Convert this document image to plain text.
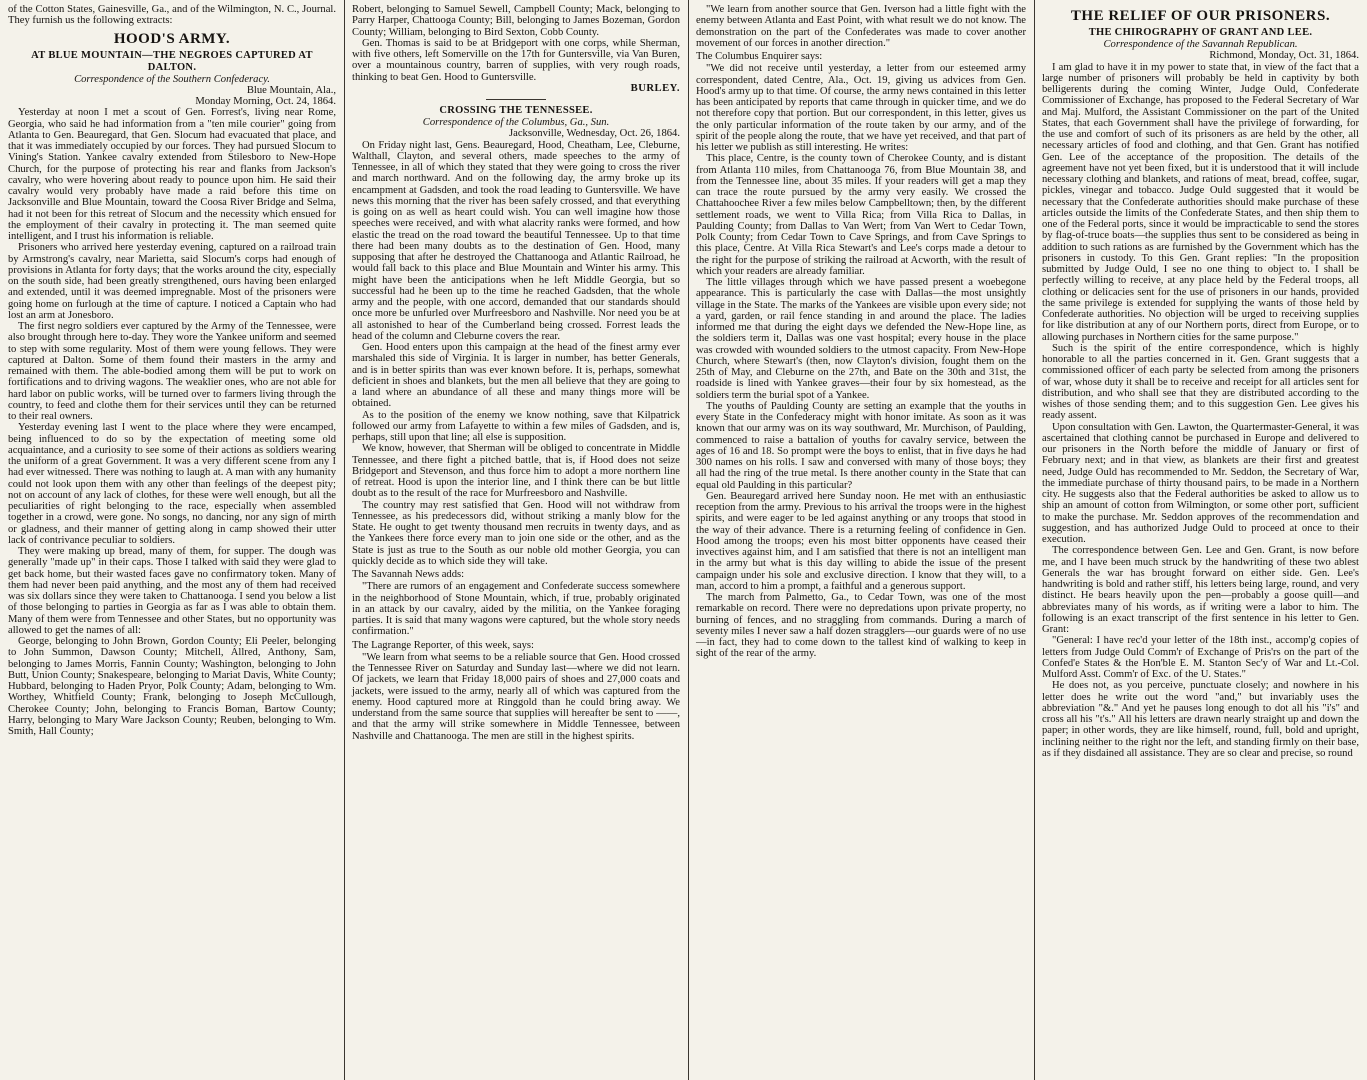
of the Cotton States, Gainesville, Ga., and of the Wilmington, N. C., Journal. They furnish us the following extracts:

HOOD'S ARMY.
AT BLUE MOUNTAIN—THE NEGROES CAPTURED AT DALTON.
Correspondence of the Southern Confederacy.
Blue Mountain, Ala.,
Monday Morning, Oct. 24, 1864.

Yesterday at noon I met a scout of Gen. Forrest's, living near Rome, Georgia, who said he had information from a "ten mile courier" going from Atlanta to Gen. Beauregard, that Gen. Slocum had evacuated that place, and that it was immediately occupied by our forces. They had pursued Slocum to Vining's Station. Yankee cavalry extended from Stilesboro to New-Hope Church, for the purpose of protecting his rear and flanks from Jackson's cavalry, who were hovering about ready to pounce upon him. He said their cavalry would very probably have made a raid before this time on Jacksonville and Blue Mountain, toward the Coosa River Bridge and Selma, had it not been for this retreat of Slocum and the necessity which ensued for the employment of their cavalry in protecting it. The man seemed quite intelligent, and I trust his information is reliable.

Prisoners who arrived here yesterday evening, captured on a railroad train by Armstrong's cavalry, near Marietta, said Slocum's corps had enough of provisions in Atlanta for forty days; that the works around the city, especially on the south side, had been greatly strengthened, ours having been enlarged and extended, until it was deemed impregnable. Most of the prisoners were going home on furlough at the time of capture. I noticed a Captain who had lost an arm at Jonesboro.

The first negro soldiers ever captured by the Army of the Tennessee, were also brought through here to-day. They wore the Yankee uniform and seemed to step with some regularity. Most of them were young fellows. They were captured at Dalton. Some of them found their masters in the army and remained with them. The able-bodied among them will be put to work on fortifications and to driving wagons. The weaklier ones, who are not able for hard labor on public works, will be turned over to farmers living through the country, to feed and clothe them for their services until they can be returned to their real owners.

Yesterday evening last I went to the place where they were encamped, being influenced to do so by the expectation of meeting some old acquaintance, and a curiosity to see some of their actions as soldiers wearing the uniform of a great Government. It was a very different scene from any I had ever witnessed. There was nothing to laugh at. A man with any humanity could not look upon them with any other than feelings of the deepest pity; not on account of any lack of clothes, for these were well enough, but all the peculiarities of right belonging to the race, especially when assembled together in a crowd, were gone. No songs, no dancing, nor any sign of mirth or gladness, and their manner of getting along in camp showed their utter lack of contrivance peculiar to soldiers.

They were making up bread, many of them, for supper. The dough was generally "made up" in their caps. Those I talked with said they were glad to get back home, but their wasted faces gave no confirmatory token. Many of them had never been paid anything, and the most any of them had received was six dollars since they were taken to Chattanooga. I send you below a list of those belonging to parties in Georgia as far as I was able to obtain them. Many of them were from Tennessee and other States, but no opportunity was allowed to get the names of all:

George, belonging to John Brown, Gordon County; Eli Peeler, belonging to John Summon, Dawson County; Mitchell, Allred, Anthony, Sam, belonging to James Morris, Fannin County; Washington, belonging to John Butt, Union County; Snakespeare, belonging to Mariat Davis, White County; Hubbard, belonging to Haden Pryor, Polk County; Adam, belonging to Wm. Worthey, Whitfield County; Frank, belonging to Joseph McCullough, Cherokee County; John, belonging to Francis Boman, Bartow County; Harry, belonging to Mary Ware Jackson County; Reuben, belonging to Wm. Smith, Hall County;

Robert, belonging to Samuel Sewell, Campbell County; Mack, belonging to Parry Harper, Chattooga County; Bill, belonging to James Bozeman, Gordon County; William, belonging to Bird Sexton, Cobb County.

Gen. Thomas is said to be at Bridgeport with one corps, while Sherman, with five others, left Somerville on the 17th for Guntersville, via Van Buren, over a mountainous country, barren of supplies, with very rough roads, thinking to beat Gen. Hood to Guntersville.

BURLEY.
CROSSING THE TENNESSEE.
Correspondence of the Columbus, Ga., Sun.
Jacksonville, Wednesday, Oct. 26, 1864.

On Friday night last, Gens. Beauregard, Hood, Cheatham, Lee, Cleburne, Walthall, Clayton, and several others, made speeches to the army of Tennessee, in all of which they stated that they were going to cross the river and march northward. And on the following day, the army broke up its encampment at Gadsden, and took the road leading to Guntersville. We have news this morning that the river has been safely crossed, and that everything is going on as well as heart could wish. You can well imagine how those speeches were received, and with what alacrity ranks were formed, and how elastic the tread on the road toward the beautiful Tennessee. Up to that time there had been many doubts as to the destination of Gen. Hood, many supposing that after he destroyed the Chattanooga and Atlantic Railroad, he would fall back to this place and Blue Mountain and Winter his army. This might have been the anticipations when he left Middle Georgia, but so successful had he been up to the time he reached Gadsden, that the whole army and the people, with one accord, demanded that our standards should once more be unfurled over Murfreesboro and Nashville. Nor need you be at all astonished to hear of the Cumberland being crossed. Forrest leads the head of the column and Cleburne covers the rear.

Gen. Hood enters upon this campaign at the head of the finest army ever marshaled this side of Virginia. It is larger in number, has better Generals, and is in better spirits than was ever known before. It is, perhaps, somewhat deficient in shoes and blankets, but the men all believe that they are going to a land where an abundance of all these and many things more will be obtained.

As to the position of the enemy we know nothing, save that Kilpatrick followed our army from Lafayette to within a few miles of Gadsden, and is, perhaps, still upon that line; all else is supposition.

We know, however, that Sherman will be obliged to concentrate in Middle Tennessee, and there fight a pitched battle, that is, if Hood does not seize Bridgeport and Stevenson, and thus force him to adopt a more northern line of retreat. Hood is upon the interior line, and I think there can be but little doubt as to the result of the race for Murfreesboro and Nashville.

The country may rest satisfied that Gen. Hood will not withdraw from Tennessee, as his predecessors did, without striking a manly blow for the State. He ought to get twenty thousand men recruits in twenty days, and as the Yankees there force every man to join one side or the other, and as the State is just as true to the South as our noble old mother Georgia, you can quickly decide as to which side they will take.

The Savannah News adds:

"There are rumors of an engagement and Confederate success somewhere in the neighborhood of Stone Mountain, which, if true, probably originated in an attack by our cavalry, aided by the militia, on the Yankee foraging parties. It is said that many wagons were captured, but the whole story needs confirmation."

The Lagrange Reporter, of this week, says:

"We learn from what seems to be a reliable source that Gen. Hood crossed the Tennessee River on Saturday and Sunday last—where we did not learn. Of jackets, we learn that Friday 18,000 pairs of shoes and 27,000 coats and jackets, were issued to the army, nearly all of which was captured from the enemy. Hood captured more at Ringgold than he could bring away. We understand from the same source that supplies will hereafter be sent to ——, and that the army will strike somewhere in Middle Tennessee, between Nashville and Chattanooga. The men are still in the highest spirits.

"We learn from another source that Gen. Iverson had a little fight with the enemy between Atlanta and East Point, with what result we do not know. The demonstration on the part of the Confederates was made to cover another movement of our forces in another direction."

The Columbus Enquirer says:

"We did not receive until yesterday, a letter from our esteemed army correspondent, dated Centre, Ala., Oct. 19, giving us advices from Gen. Hood's army up to that time. Of course, the army news contained in this letter has been anticipated by reports that came through in quicker time, and we do not therefore copy that portion. But our correspondent, in this letter, gives us the only particular information of the route taken by our army, and of the spirit of the people along the route, that we have yet received, and that part of his letter we publish as still interesting. He writes:

This place, Centre, is the county town of Cherokee County, and is distant from Atlanta 110 miles, from Chattanooga 76, from Blue Mountain 38, and from the Tennessee line, about 35 miles. If your readers will get a map they can trace the route pursued by the army very easily. We crossed the Chattahoochee River a few miles below Campbelltown; then, by the different settlement roads, we went to Villa Rica; from Villa Rica to Dallas, in Paulding County; from Dallas to Van Wert; from Van Wert to Cedar Town, Polk County; from Cedar Town to Cave Springs, and from Cave Springs to this place, Centre. At Villa Rica Stewart's and Lee's corps made a detour to the right for the purpose of striking the railroad at Acworth, with the result of which your readers are already familiar.

The little villages through which we have passed present a woebegone appearance. This is particularly the case with Dallas—the most unsightly village in the State. The marks of the Yankees are visible upon every side; not a yard, garden, or rail fence standing in and around the place. The ladies informed me that during the eight days we defended the New-Hope line, as the soldiers term it, Dallas was one vast hospital; every house in the place was crowded with wounded soldiers to the utmost capacity. From New-Hope Church, where Stewart's (then, now Clayton's division, fought them on the 25th of May, and Cleburne on the 27th, and Bate on the 30th and 31st, the roadside is lined with Yankee graves—their four by six homestead, as the soldiers term the burial spot of a Yankee.

The youths of Paulding County are setting an example that the youths in every State in the Confederacy might with honor imitate. As soon as it was known that our army was on its way southward, Mr. Murchison, of Paulding, commenced to raise a battalion of youths for cavalry service, between the ages of 16 and 18. So prompt were the boys to enlist, that in five days he had 300 names on his rolls. I saw and conversed with many of those boys; they all had the ring of the true metal. Is there another county in the State that can equal old Paulding in this particular?

Gen. Beauregard arrived here Sunday noon. He met with an enthusiastic reception from the army. Previous to his arrival the troops were in the highest spirits, and were eager to be led against anything or any troops that stood in the way of their advance. There is a returning feeling of confidence in Gen. Hood among the troops; even his most bitter opponents have ceased their invectives against him, and I am satisfied that there is not an intelligent man in the army but what is this day willing to abide the issue of the present campaign under his sole and exclusive direction. I know that they will, to a man, accord to him a prompt, a faithful and a generous support.

The march from Palmetto, Ga., to Cedar Town, was one of the most remarkable on record. There were no depredations upon private property, no burning of fences, and no straggling from commands. During a march of seventy miles I never saw a half dozen stragglers—our guards were of no use—in fact, they had to come down to the tallest kind of walking to keep in sight of the rear of the army.

THE RELIEF OF OUR PRISONERS.
THE CHIROGRAPHY OF GRANT AND LEE.
Correspondence of the Savannah Republican.
Richmond, Monday, Oct. 31, 1864.

I am glad to have it in my power to state that, in view of the fact that a large number of prisoners will probably be held in captivity by both belligerents during the coming Winter, Judge Ould, Confederate Commissioner of Exchange, has proposed to the Federal Secretary of War and Maj. Mulford, the Assistant Commissioner on the part of the United States, that each Government shall have the privilege of forwarding, for the use and comfort of such of its prisoners as are held by the other, all necessary articles of food and clothing, and that Gen. Grant has notified Gen. Lee of the acceptance of the proposition. The details of the agreement have not yet been fixed, but it is understood that it will include necessary clothing and blankets, and rations of meat, bread, coffee, sugar, pickles, vinegar and tobacco. Judge Ould suggested that it would be necessary that the Confederate authorities should make purchase of these articles outside the limits of the Confederate States, and then ship them to one of the Federal ports, since it would be impracticable to send the stores by flag-of-truce boats—the supplies thus sent to be considered as being in addition to such rations as are furnished by the Government which has the prisoners in custody. To this Gen. Grant replies: "In the proposition submitted by Judge Ould, I see no one thing to object to. I shall be perfectly willing to receive, at any place held by the Federal troops, all clothing or delicacies sent for the use of prisoners in our hands, provided the same privilege is extended for supplying the wants of those held by Confederate authorities. No objection will be urged to receiving supplies for like distribution at any of our Northern ports, direct from Europe, or to allowing purchases in Northern cities for the same purpose."

Such is the spirit of the entire correspondence, which is highly honorable to all the parties concerned in it. Gen. Grant suggests that a commissioned officer of each party be selected from among the prisoners of war, whose duty it shall be to receive and receipt for all articles sent for distribution, and who shall see that they are distributed according to the wishes of those sending them; and to this suggestion Gen. Lee gives his ready assent.

Upon consultation with Gen. Lawton, the Quartermaster-General, it was ascertained that clothing cannot be purchased in Europe and delivered to our prisoners in the North before the middle of January or first of February next; and in that view, as blankets are their first and greatest need, Judge Ould has recommended to Mr. Seddon, the Secretary of War, the immediate purchase of thirty thousand pairs, to be made in a Northern city. He suggests also that the Federal authorities be asked to allow us to ship an amount of cotton from Wilmington, or some other port, sufficient to make the purchase. Mr. Seddon approves of the recommendation and suggestion, and has authorized Judge Ould to proceed at once to their execution.

The correspondence between Gen. Lee and Gen. Grant, is now before me, and I have been much struck by the handwriting of these two ablest Generals the war has brought forward on either side. Gen. Lee's handwriting is bold and rather stiff, his letters being large, round, and very distinct. He bears heavily upon the pen—probably a goose quill—and abbreviates many of his words, as if writing were a labor to him. The following is an exact transcript of the first sentence in his letter to Gen. Grant:

"General: I have rec'd your letter of the 18th inst., accomp'g copies of letters from Judge Ould Comm'r of Exchange of Pris'rs on the part of the Confed'e States & the Hon'ble E. M. Stanton Sec'y of War and Lt.-Col. Mulford Asst. Comm'r of Exc. of the U. States."

He does not, as you perceive, punctuate closely; and nowhere in his letter does he write out the word "and," but invariably uses the abbreviation "&." And yet he pauses long enough to dot all his "i's" and cross all his "t's." All his letters are drawn nearly straight up and down the paper; in other words, they are like himself, round, full, bold and upright, inclining neither to the right nor the left, and standing firmly on their base, as if they disdained all assistance. They are so clear and precise, so round
